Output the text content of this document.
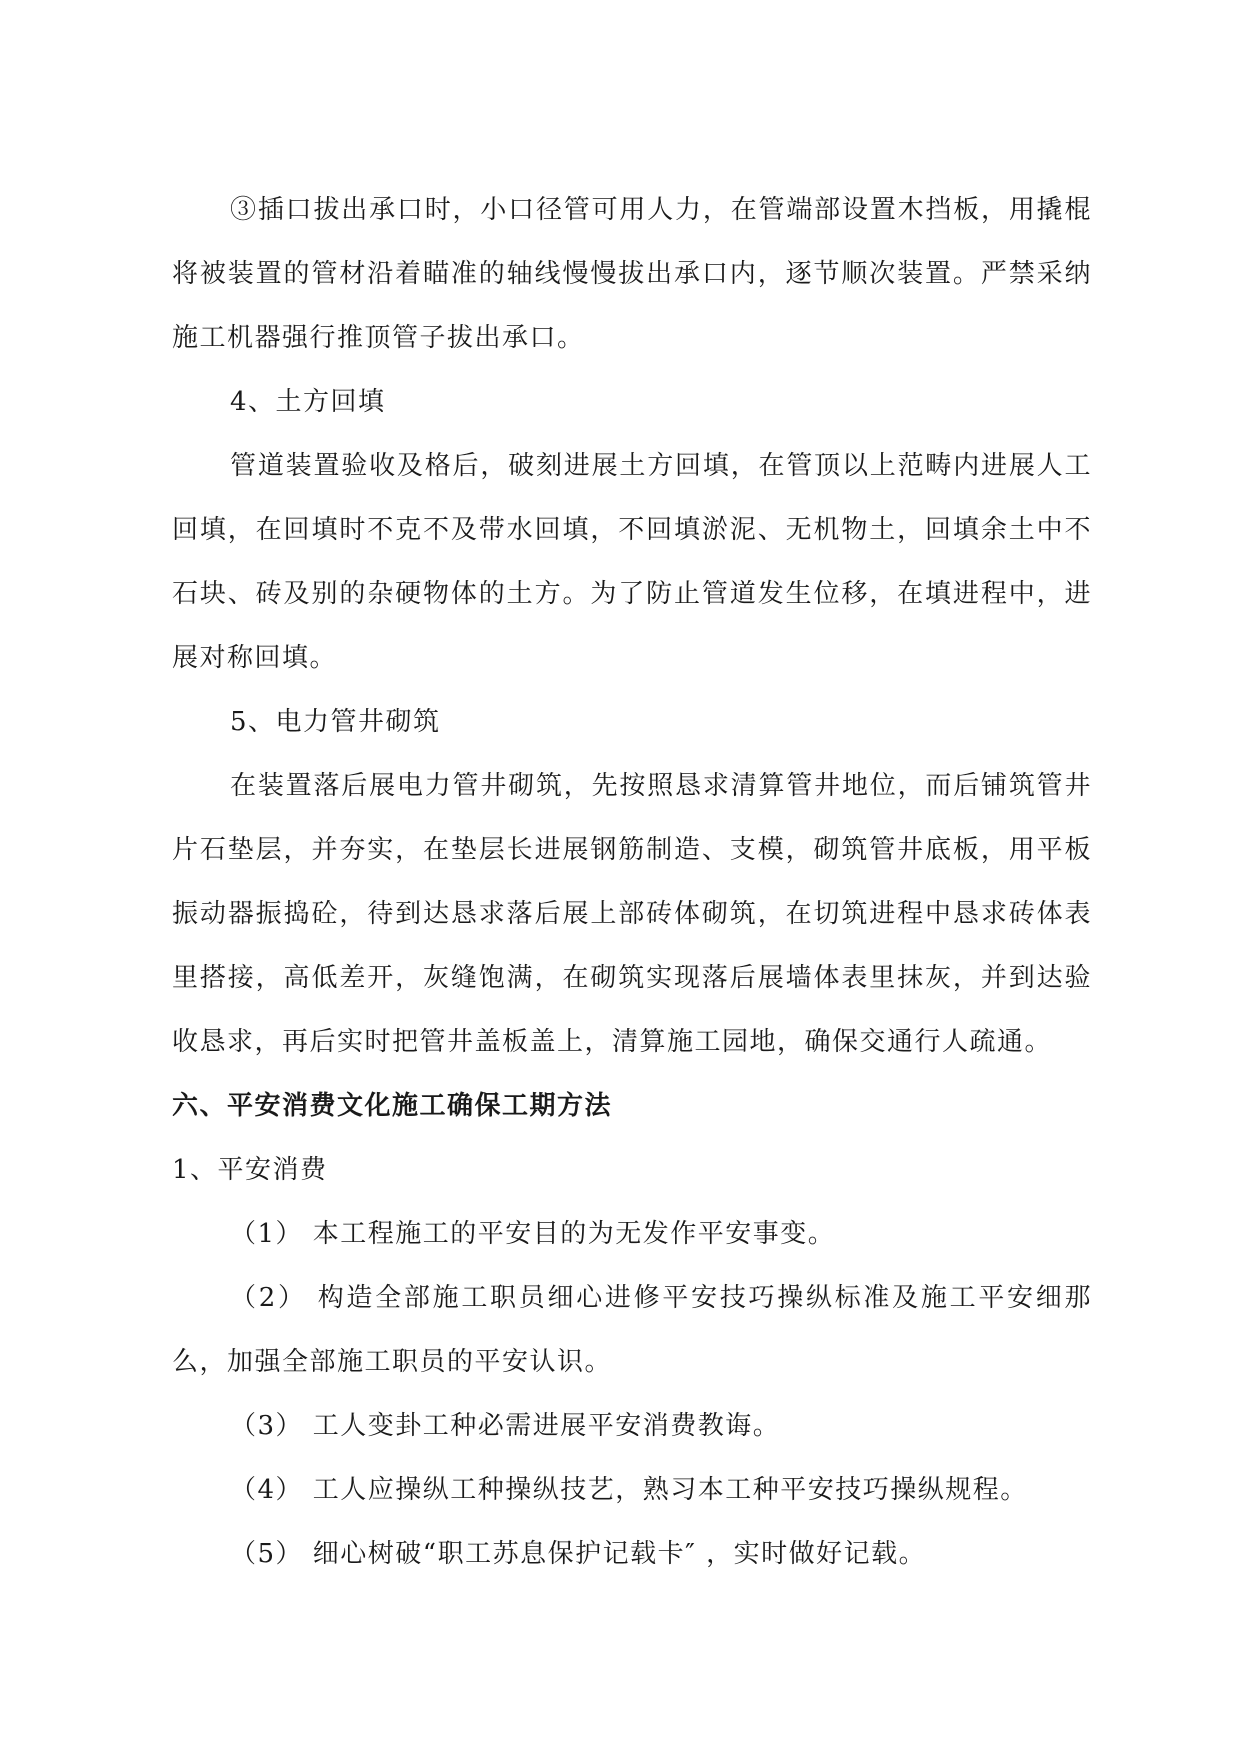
③插口拔出承口时，小口径管可用人力，在管端部设置木挡板，用撬棍将被装置的管材沿着瞄准的轴线慢慢拔出承口内，逐节顺次装置。严禁采纳施工机器强行推顶管子拔出承口。

4、土方回填

管道装置验收及格后，破刻进展土方回填，在管顶以上范畴内进展人工回填，在回填时不克不及带水回填，不回填淤泥、无机物土，回填余土中不石块、砖及别的杂硬物体的土方。为了防止管道发生位移，在填进程中，进展对称回填。

5、电力管井砌筑

在装置落后展电力管井砌筑，先按照恳求清算管井地位，而后铺筑管井片石垫层，并夯实，在垫层长进展钢筋制造、支模，砌筑管井底板，用平板振动器振捣砼，待到达恳求落后展上部砖体砌筑，在切筑进程中恳求砖体表里搭接，高低差开，灰缝饱满，在砌筑实现落后展墙体表里抹灰，并到达验收恳求，再后实时把管井盖板盖上，清算施工园地，确保交通行人疏通。

六、平安消费文化施工确保工期方法

1、平安消费

（1） 本工程施工的平安目的为无发作平安事变。

（2） 构造全部施工职员细心进修平安技巧操纵标准及施工平安细那么，加强全部施工职员的平安认识。

（3） 工人变卦工种必需进展平安消费教诲。

（4） 工人应操纵工种操纵技艺，熟习本工种平安技巧操纵规程。

（5） 细心树破“职工苏息保护记载卡″ ，实时做好记载。
